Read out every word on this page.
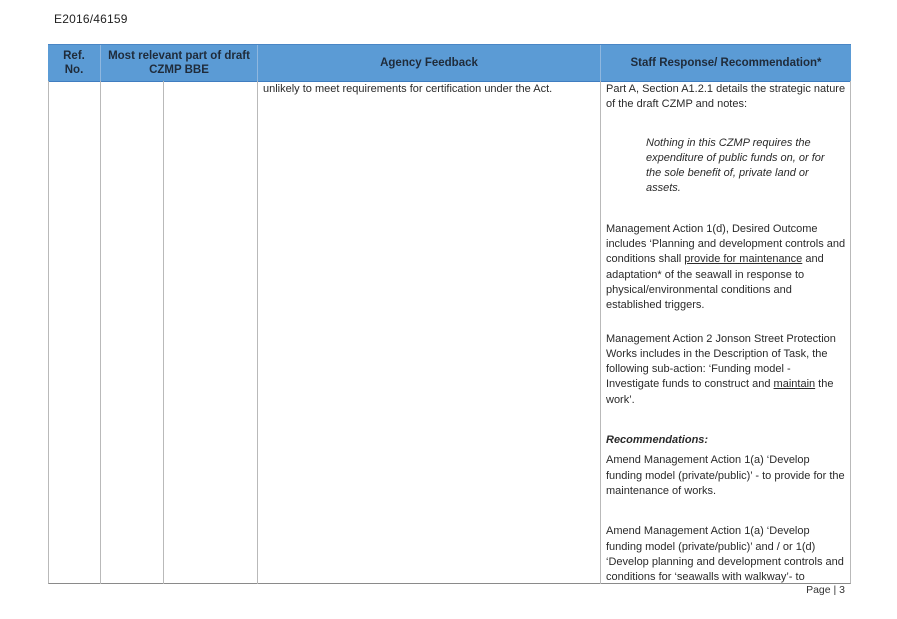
E2016/46159
Ref. No.
Most relevant part of draft CZMP BBE
Agency Feedback	Staff Response/ Recommendation*
unlikely to meet requirements for certification under the Act.	Part A, Section A1.2.1 details the strategic nature of the draft CZMP and notes:

Nothing in this CZMP requires the expenditure of public funds on, or for the sole benefit of, private land or assets.

Management Action 1(d), Desired Outcome includes ‘Planning and development controls and conditions shall provide for maintenance and adaptation* of the seawall in response to physical/environmental conditions and established triggers.

Management Action 2 Jonson Street Protection Works includes in the Description of Task, the following sub-action: ‘Funding model - Investigate funds to construct and maintain the work’.

Recommendations:

Amend Management Action 1(a) ‘Develop funding model (private/public)’ - to provide for the maintenance of works.

Amend Management Action 1(a) ‘Develop funding model (private/public)’ and / or 1(d) ‘Develop planning and development controls and conditions for ‘seawalls with walkway’- to

Page | 3
